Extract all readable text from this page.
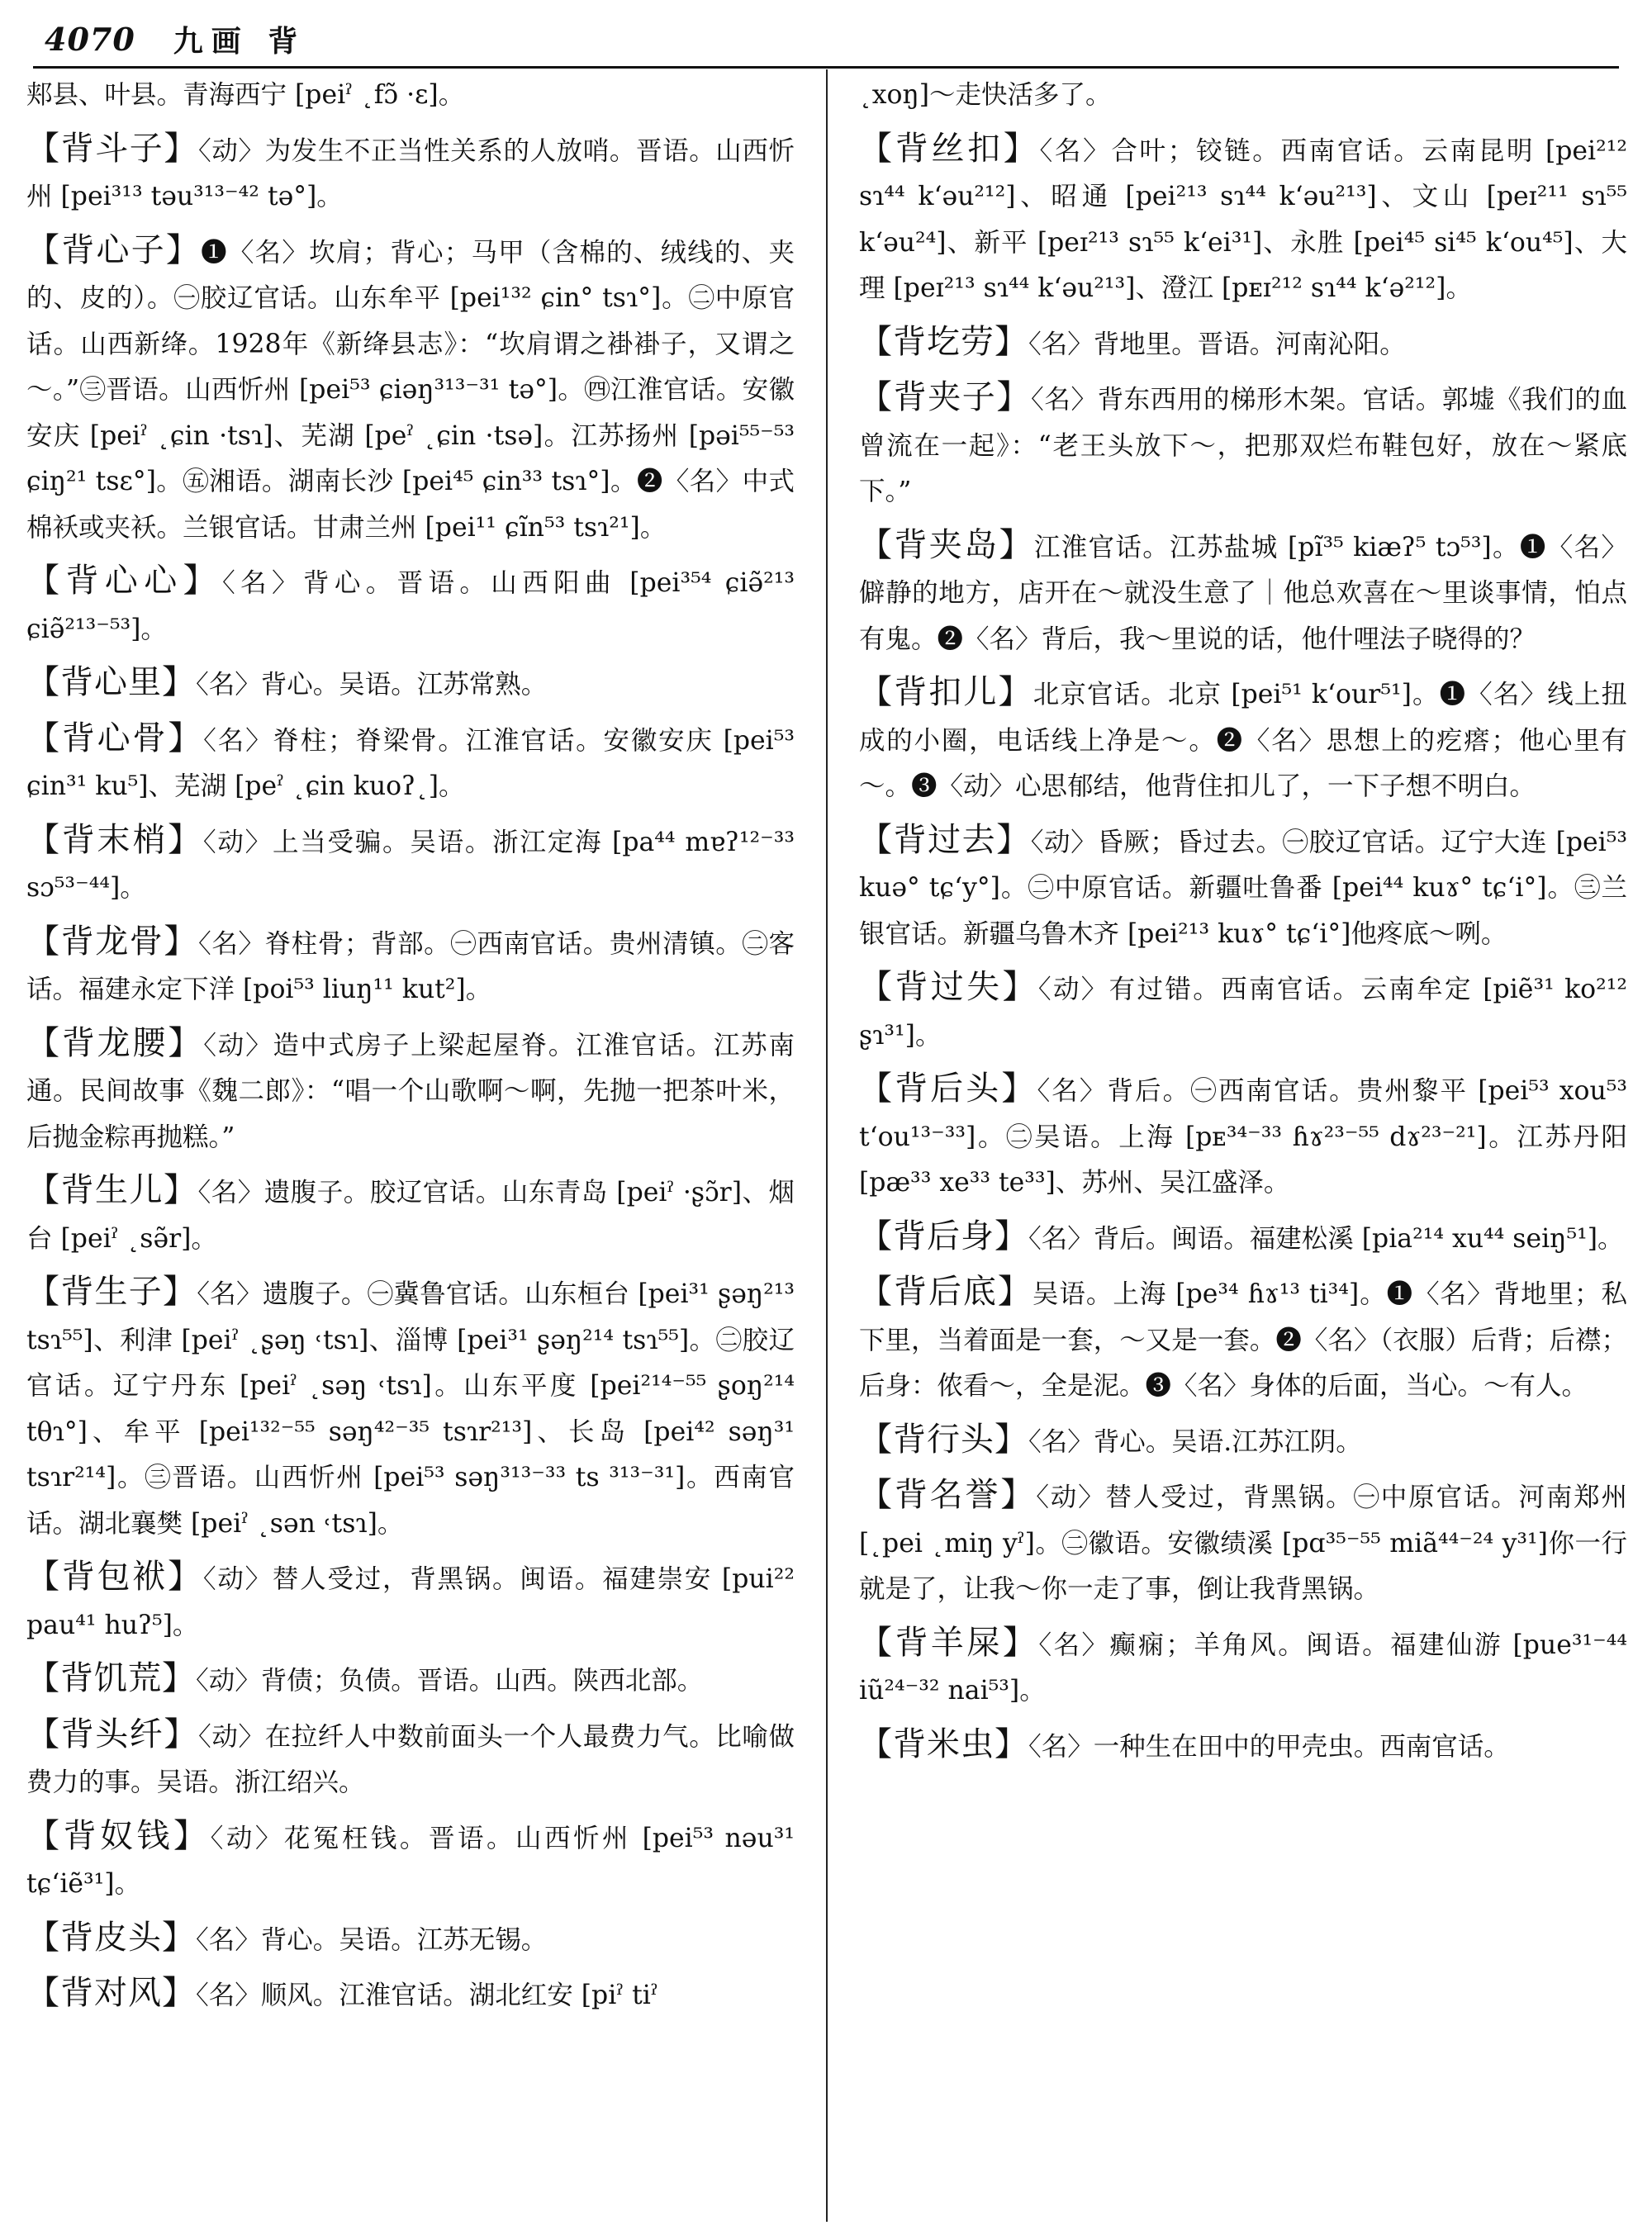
4070 九画 背

郏县、叶县。青海西宁 [peiˀ ˛fɔ̃ ·ɛ]。

【背斗子】〈动〉为发生不正当性关系的人放哨。晋语。山西忻州 [pei³¹³ təu³¹³⁻⁴² tə°]。

【背心子】❶〈名〉坎肩；背心；马甲（含棉的、绒线的、夹的、皮的）。㊀胶辽官话。山东牟平 [pei¹³² ɕin° tsɿ°]。㊁中原官话。山西新绛。1928年《新绛县志》：“坎肩谓之褂褂子，又谓之～。”㊂晋语。山西忻州 [pei⁵³ ɕiəŋ³¹³⁻³¹ tə°]。㊃江淮官话。安徽安庆 [peiˀ ˛ɕin ·tsɿ]、芜湖 [peˀ ˛ɕin ·tsə]。江苏扬州 [pəi⁵⁵⁻⁵³ ɕiŋ²¹ tsɛ°]。㊄湘语。湖南长沙 [pei⁴⁵ ɕin³³ tsɿ°]。❷〈名〉中式棉袄或夹袄。兰银官话。甘肃兰州 [pei¹¹ ɕĩn⁵³ tsɿ²¹]。

【背心心】〈名〉背心。晋语。山西阳曲 [pei³⁵⁴ ɕiə̃²¹³ ɕiə̃²¹³⁻⁵³]。

【背心里】〈名〉背心。吴语。江苏常熟。

【背心骨】〈名〉脊柱；脊梁骨。江淮官话。安徽安庆 [pei⁵³ ɕin³¹ ku⁵]、芜湖 [peˀ ˛ɕin kuoʔ˛]。

【背末梢】〈动〉上当受骗。吴语。浙江定海 [pa⁴⁴ mɐʔ¹²⁻³³ sɔ⁵³⁻⁴⁴]。

【背龙骨】〈名〉脊柱骨；背部。㊀西南官话。贵州清镇。㊁客话。福建永定下洋 [poi⁵³ liuŋ¹¹ kut²]。

【背龙腰】〈动〉造中式房子上梁起屋脊。江淮官话。江苏南通。民间故事《魏二郎》：“唱一个山歌啊～啊，先抛一把茶叶米，后抛金粽再抛糕。”

【背生儿】〈名〉遗腹子。胶辽官话。山东青岛 [peiˀ ·ʂɔ̃r]、烟台 [peiˀ ˛sə̃r]。

【背生子】〈名〉遗腹子。㊀冀鲁官话。山东桓台 [pei³¹ ʂəŋ²¹³ tsɿ⁵⁵]、利津 [peiˀ ˛ʂəŋ ˓tsɿ]、淄博 [pei³¹ ʂəŋ²¹⁴ tsɿ⁵⁵]。㊁胶辽官话。辽宁丹东 [peiˀ ˛səŋ ˓tsɿ]。山东平度 [pei²¹⁴⁻⁵⁵ ʂoŋ²¹⁴ tθɿ°]、牟平 [pei¹³²⁻⁵⁵ səŋ⁴²⁻³⁵ tsɿr²¹³]、长岛 [pei⁴² səŋ³¹ tsɿr²¹⁴]。㊂晋语。山西忻州 [pei⁵³ səŋ³¹³⁻³³ ts ³¹³⁻³¹]。西南官话。湖北襄樊 [peiˀ ˛sən ˓tsɿ]。

【背包袱】〈动〉替人受过，背黑锅。闽语。福建崇安 [pui²² pau⁴¹ huʔ⁵]。

【背饥荒】〈动〉背债；负债。晋语。山西。陕西北部。

【背头纤】〈动〉在拉纤人中数前面头一个人最费力气。比喻做费力的事。吴语。浙江绍兴。

【背奴钱】〈动〉花冤枉钱。晋语。山西忻州 [pei⁵³ nəu³¹ tɕʻiẽ³¹]。

【背皮头】〈名〉背心。吴语。江苏无锡。

【背对风】〈名〉顺风。江淮官话。湖北红安 [piˀ tiˀ

˛xoŋ]～走快活多了。

【背丝扣】〈名〉合叶；铰链。西南官话。云南昆明 [pei²¹² sɿ⁴⁴ kʻəu²¹²]、昭通 [pei²¹³ sɿ⁴⁴ kʻəu²¹³]、文山 [peɪ²¹¹ sɿ⁵⁵ kʻəu²⁴]、新平 [peɪ²¹³ sɿ⁵⁵ kʻei³¹]、永胜 [pei⁴⁵ si⁴⁵ kʻou⁴⁵]、大理 [peɪ²¹³ sɿ⁴⁴ kʻəu²¹³]、澄江 [pᴇɪ²¹² sɿ⁴⁴ kʻə²¹²]。

【背圪劳】〈名〉背地里。晋语。河南沁阳。

【背夹子】〈名〉背东西用的梯形木架。官话。郭墟《我们的血曾流在一起》：“老王头放下～，把那双烂布鞋包好，放在～紧底下。”

【背夹岛】江淮官话。江苏盐城 [pĩ³⁵ kiæʔ⁵ tɔ⁵³]。❶〈名〉僻静的地方，店开在～就没生意了｜他总欢喜在～里谈事情，怕点有鬼。❷〈名〉背后，我～里说的话，他什哩法子晓得的？

【背扣儿】北京官话。北京 [pei⁵¹ kʻour⁵¹]。❶〈名〉线上扭成的小圈，电话线上净是～。❷〈名〉思想上的疙瘩；他心里有～。❸〈动〉心思郁结，他背住扣儿了，一下子想不明白。

【背过去】〈动〉昏厥；昏过去。㊀胶辽官话。辽宁大连 [pei⁵³ kuə° tɕʻy°]。㊁中原官话。新疆吐鲁番 [pei⁴⁴ kuɤ° tɕʻi°]。㊂兰银官话。新疆乌鲁木齐 [pei²¹³ kuɤ° tɕʻi°]他疼底～咧。

【背过失】〈动〉有过错。西南官话。云南牟定 [piẽ³¹ ko²¹² ʂɿ³¹]。

【背后头】〈名〉背后。㊀西南官话。贵州黎平 [pei⁵³ xou⁵³ tʻou¹³⁻³³]。㊁吴语。上海 [pᴇ³⁴⁻³³ ɦɤ²³⁻⁵⁵ dɤ²³⁻²¹]。江苏丹阳 [pæ³³ xe³³ te³³]、苏州、吴江盛泽。

【背后身】〈名〉背后。闽语。福建松溪 [pia²¹⁴ xu⁴⁴ seiŋ⁵¹]。

【背后底】吴语。上海 [pe³⁴ ɦɤ¹³ ti³⁴]。❶〈名〉背地里；私下里，当着面是一套，～又是一套。❷〈名〉（衣服）后背；后襟；后身：侬看～，全是泥。❸〈名〉身体的后面，当心。～有人。

【背行头】〈名〉背心。吴语.江苏江阴。

【背名誉】〈动〉替人受过，背黑锅。㊀中原官话。河南郑州 [˛pei ˛miŋ yˀ]。㊁徽语。安徽绩溪 [pɑ³⁵⁻⁵⁵ miã⁴⁴⁻²⁴ y³¹]你一行就是了，让我～你一走了事，倒让我背黑锅。

【背羊屎】〈名〉癫痫；羊角风。闽语。福建仙游 [pue³¹⁻⁴⁴ iũ²⁴⁻³² nai⁵³]。

【背米虫】〈名〉一种生在田中的甲壳虫。西南官话。
